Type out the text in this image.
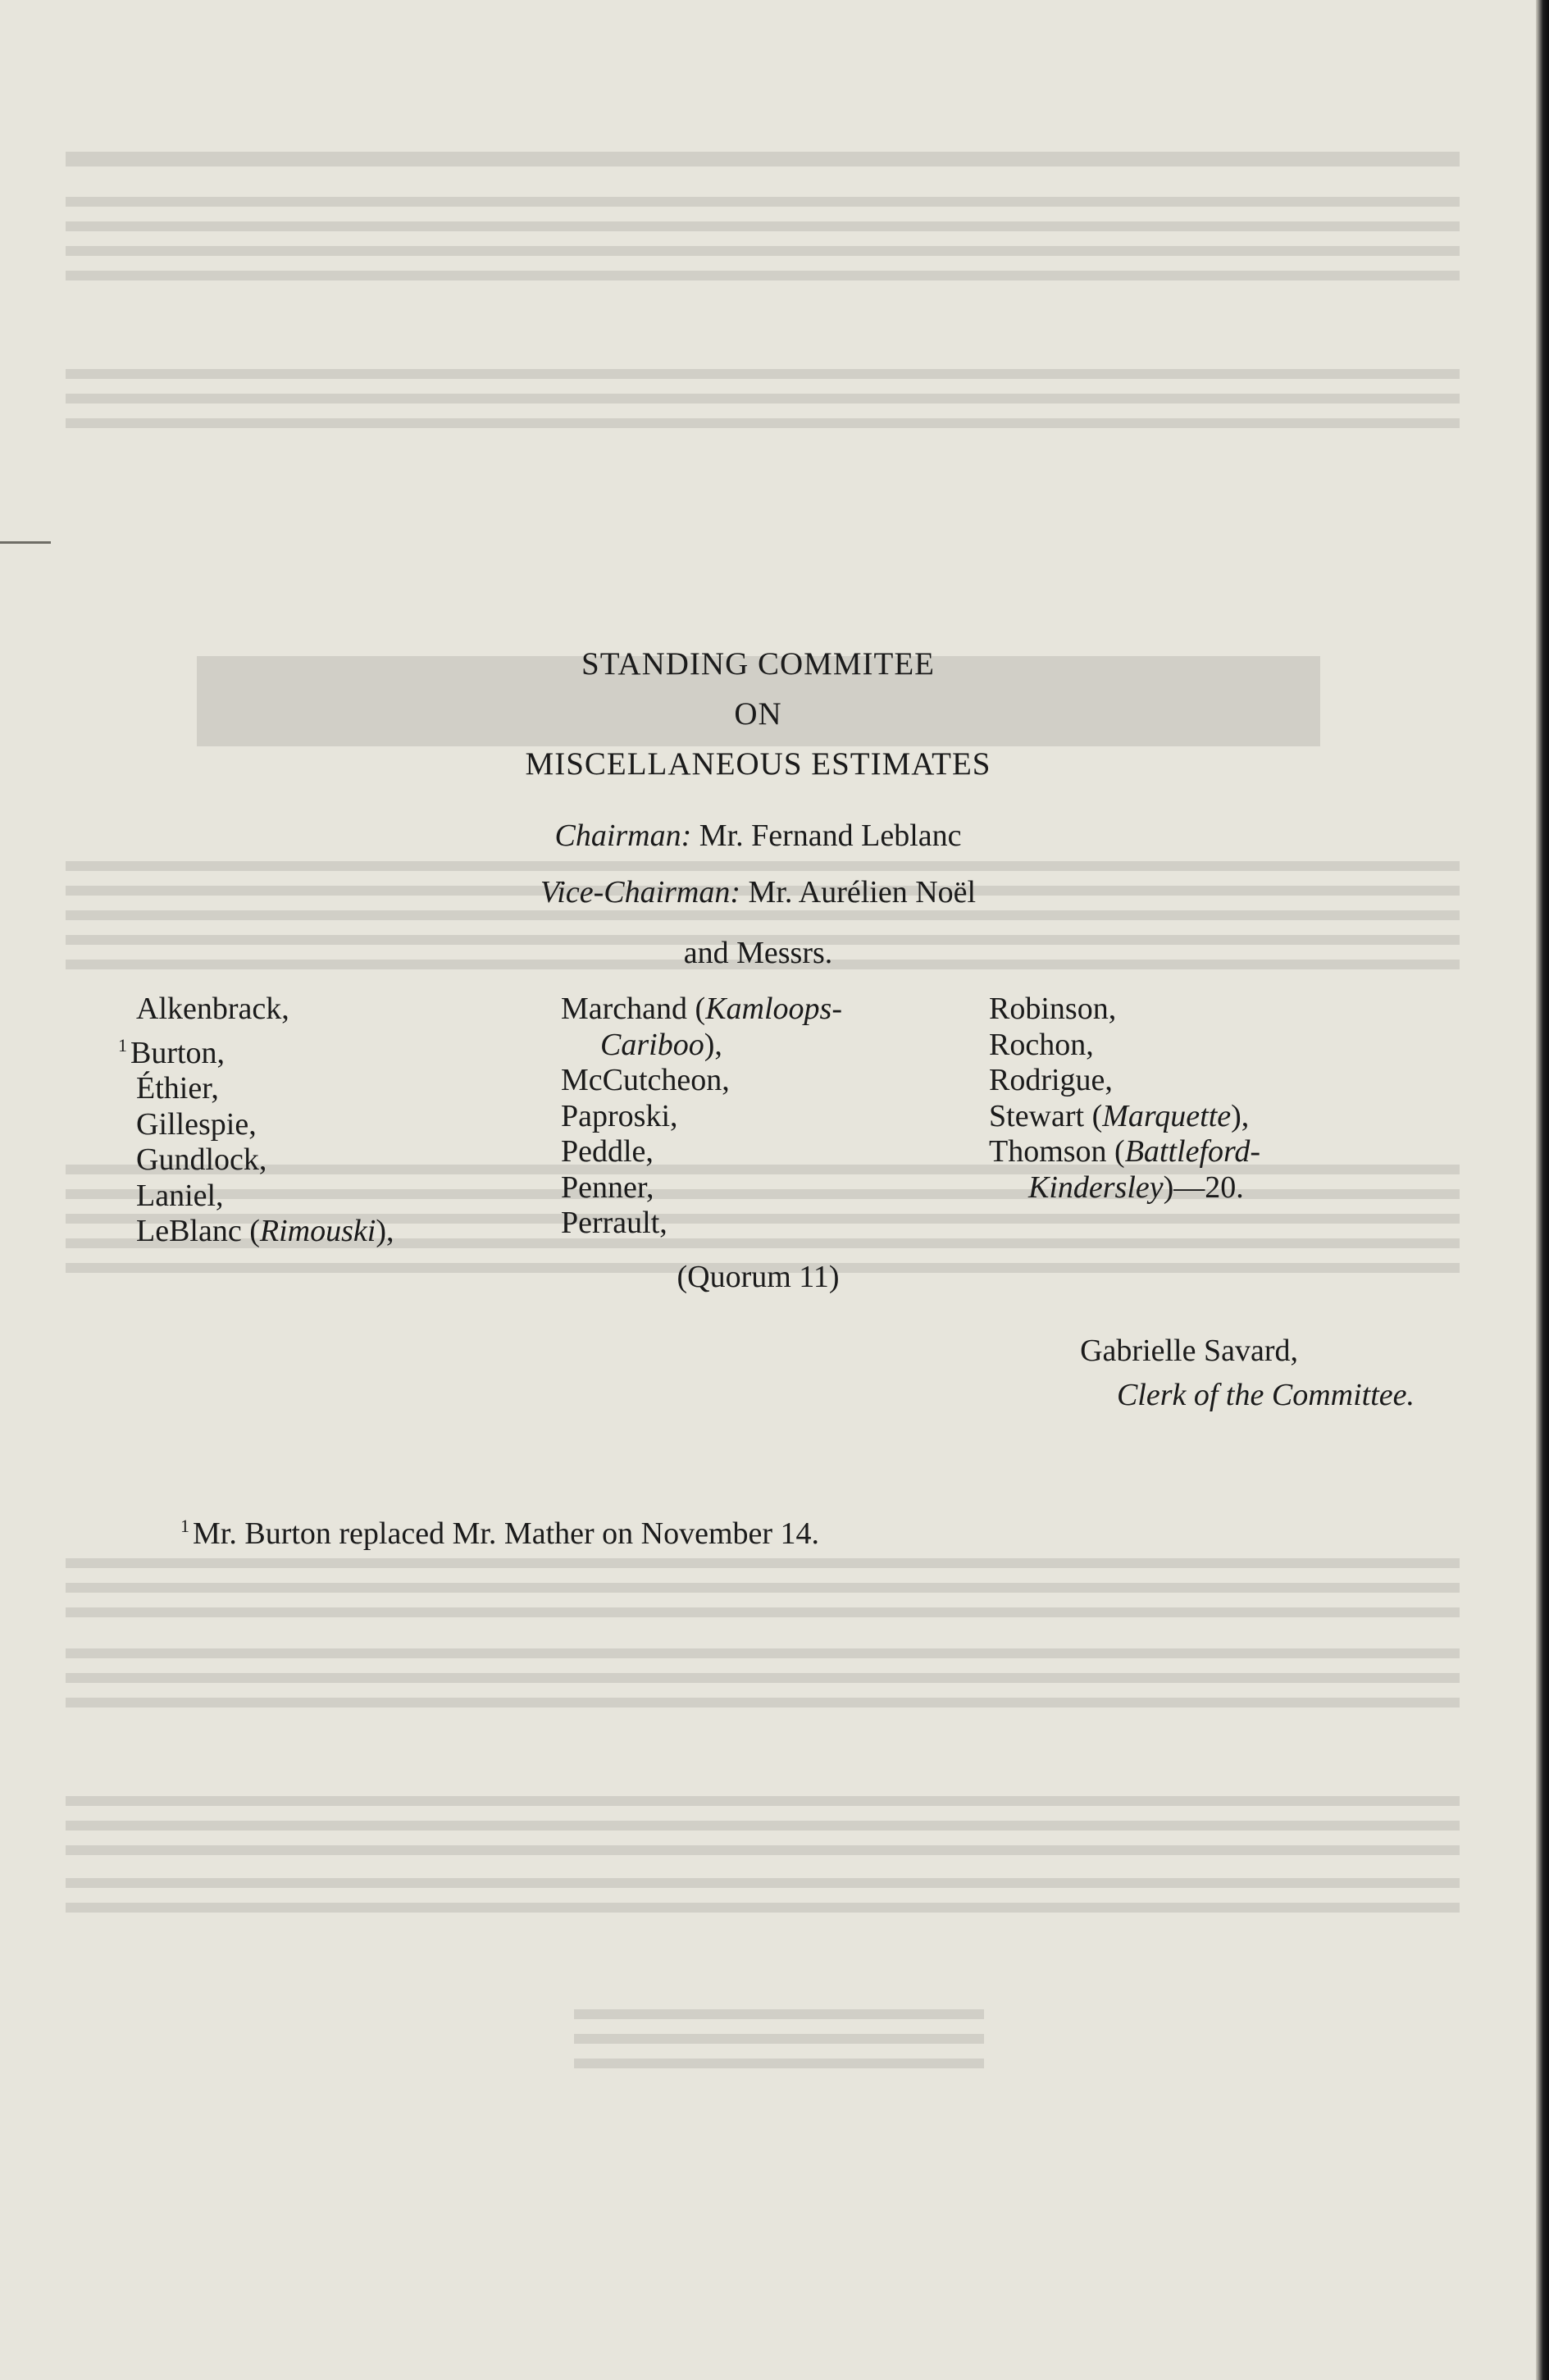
STANDING COMMITEE
ON
MISCELLANEOUS ESTIMATES

Chairman: Mr. Fernand Leblanc

Vice-Chairman: Mr. Aurélien Noël

and Messrs.

Alkenbrack,
$^1$ Burton,
Éthier,
Gillespie,
Gundlock,
Laniel,
LeBlanc (Rimouski),
Marchand (Kamloops-
Cariboo),
McCutcheon,
Paproski,
Peddle,
Penner,
Perrault,
Robinson,
Rochon,
Rodrigue,
Stewart (Marquette),
Thomson (Battleford-
Kindersley)—20.

(Quorum 11)

Gabrielle Savard,
Clerk of the Committee.

$^1$ Mr. Burton replaced Mr. Mather on November 14.
